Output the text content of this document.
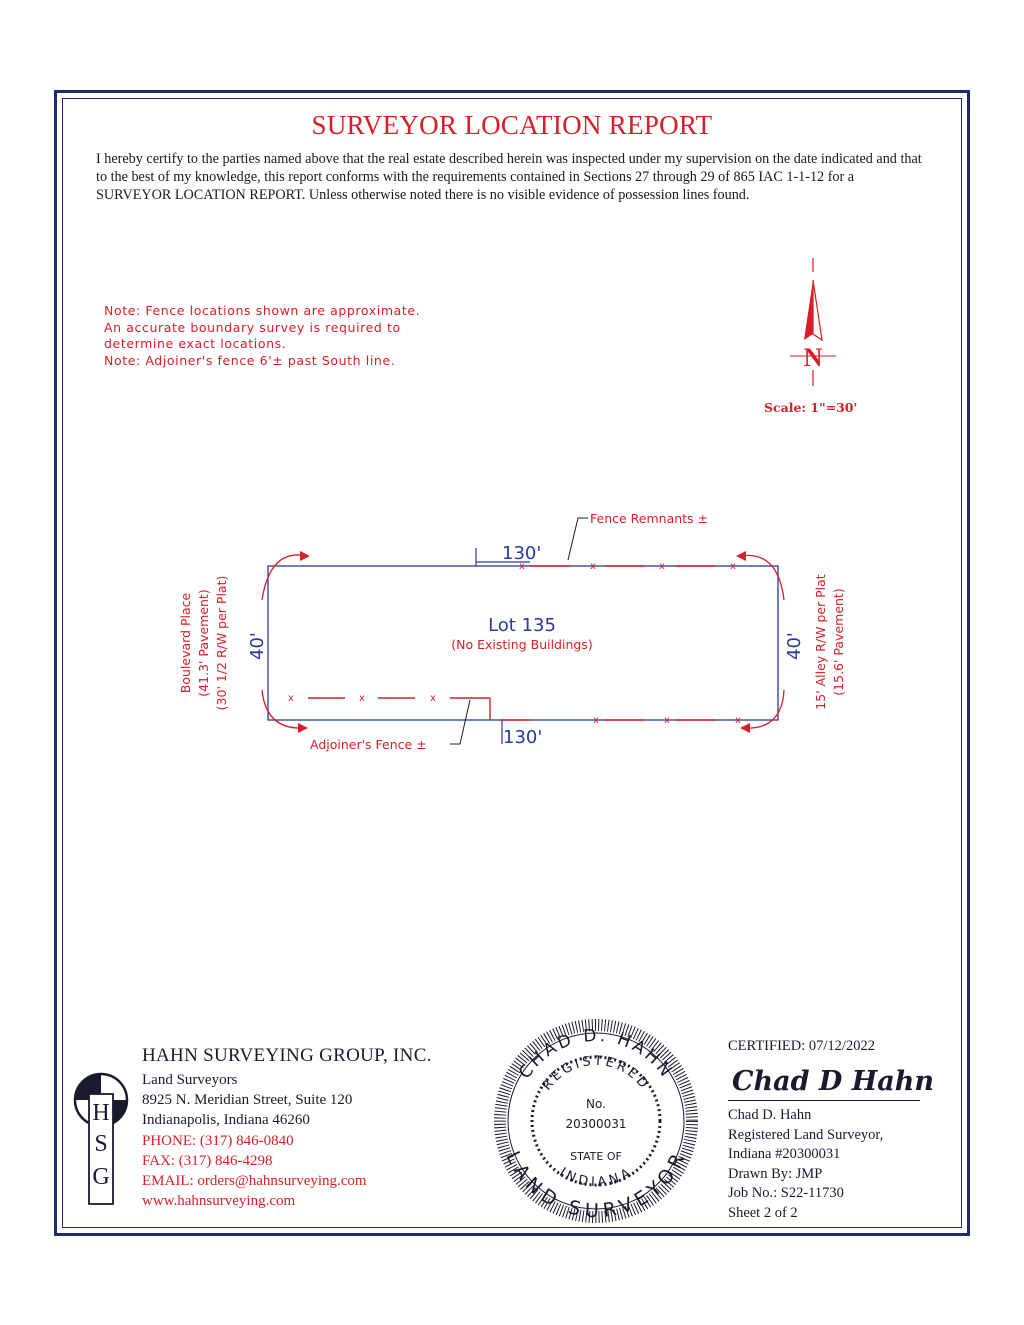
SURVEYOR LOCATION REPORT
I hereby certify to the parties named above that the real estate described herein was inspected under my supervision on the date indicated and that to the best of my knowledge, this report conforms with the requirements contained in Sections 27 through 29 of 865 IAC 1-1-12 for a SURVEYOR LOCATION REPORT. Unless otherwise noted there is no visible evidence of possession lines found.
Note: Fence locations shown are approximate.
An accurate boundary survey is required to
determine exact locations.
Note: Adjoiner's fence 6'± past South line.	N
Scale: 1"=30'
x	x	x	x
x	x	x
x	x	x
130'
130'
40'	40'
Lot 135
(No Existing Buildings)
Fence Remnants ±
Adjoiner's Fence ±
Boulevard Place (41.3' Pavement) (30' 1/2 R/W per Plat)	15' Alley R/W per Plat (15.6' Pavement)
H
S
G
CHAD D. HAHN
REGISTERED
LAND SURVEYOR
INDIANA
No.
20300031
STATE OF
Chad D Hahn
HAHN SURVEYING GROUP, INC.
Land Surveyors
8925 N. Meridian Street, Suite 120
Indianapolis, Indiana 46260
PHONE: (317) 846-0840
FAX: (317) 846-4298
EMAIL: orders@hahnsurveying.com
www.hahnsurveying.com
CERTIFIED: 07/12/2022
Chad D. Hahn
Registered Land Surveyor,
Indiana #20300031
Drawn By: JMP
Job No.: S22-11730
Sheet 2 of 2
